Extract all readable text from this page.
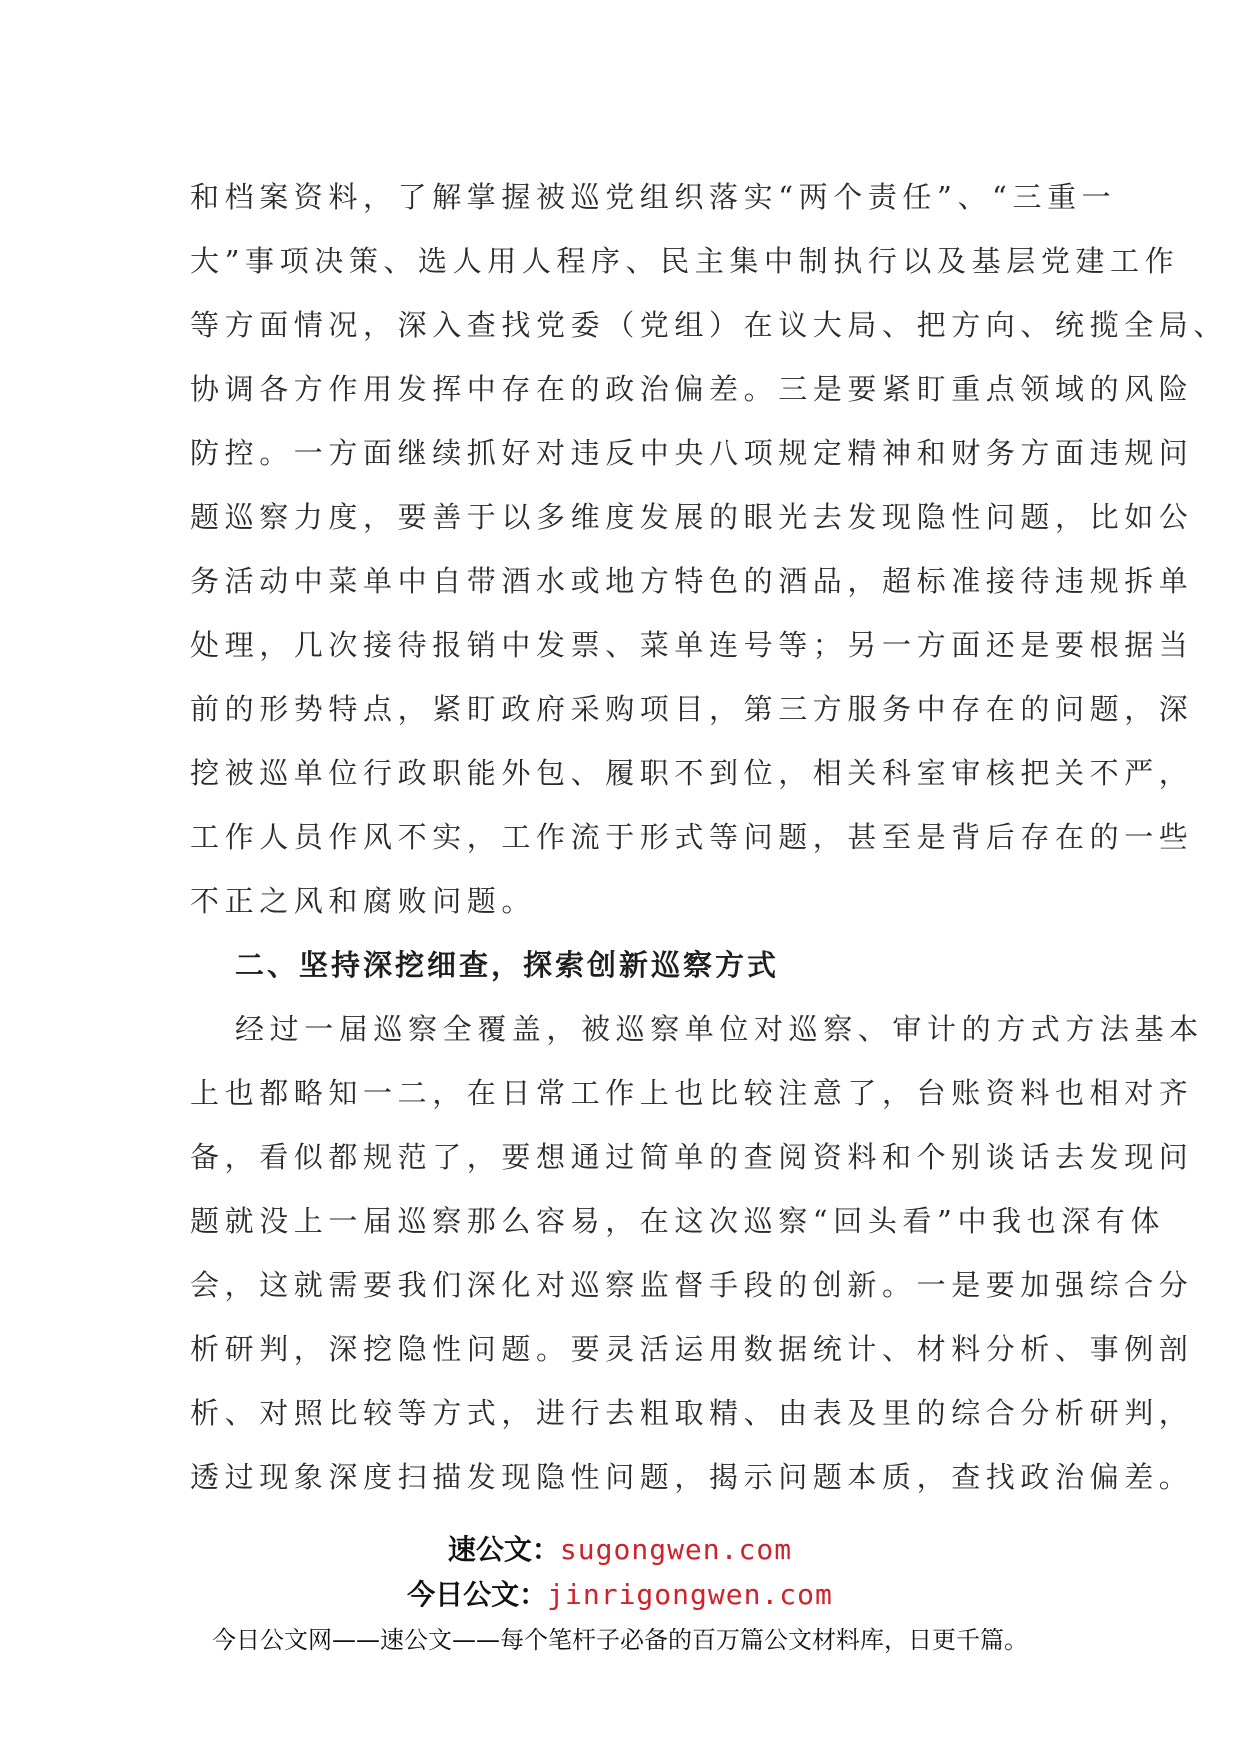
和档案资料，了解掌握被巡党组织落实“两个责任”、“三重一
大”事项决策、选人用人程序、民主集中制执行以及基层党建工作
等方面情况，深入查找党委（党组）在议大局、把方向、统揽全局、
协调各方作用发挥中存在的政治偏差。三是要紧盯重点领域的风险
防控。一方面继续抓好对违反中央八项规定精神和财务方面违规问
题巡察力度，要善于以多维度发展的眼光去发现隐性问题，比如公
务活动中菜单中自带酒水或地方特色的酒品，超标准接待违规拆单
处理，几次接待报销中发票、菜单连号等；另一方面还是要根据当
前的形势特点，紧盯政府采购项目，第三方服务中存在的问题，深
挖被巡单位行政职能外包、履职不到位，相关科室审核把关不严，
工作人员作风不实，工作流于形式等问题，甚至是背后存在的一些
不正之风和腐败问题。
二、坚持深挖细查，探索创新巡察方式
经过一届巡察全覆盖，被巡察单位对巡察、审计的方式方法基本
上也都略知一二，在日常工作上也比较注意了，台账资料也相对齐
备，看似都规范了，要想通过简单的查阅资料和个别谈话去发现问
题就没上一届巡察那么容易，在这次巡察“回头看”中我也深有体
会，这就需要我们深化对巡察监督手段的创新。一是要加强综合分
析研判，深挖隐性问题。要灵活运用数据统计、材料分析、事例剖
析、对照比较等方式，进行去粗取精、由表及里的综合分析研判，
透过现象深度扫描发现隐性问题，揭示问题本质，查找政治偏差。
速公文：sugongwen.com
今日公文：jinrigongwen.com
今日公文网——速公文——每个笔杆子必备的百万篇公文材料库，日更千篇。
